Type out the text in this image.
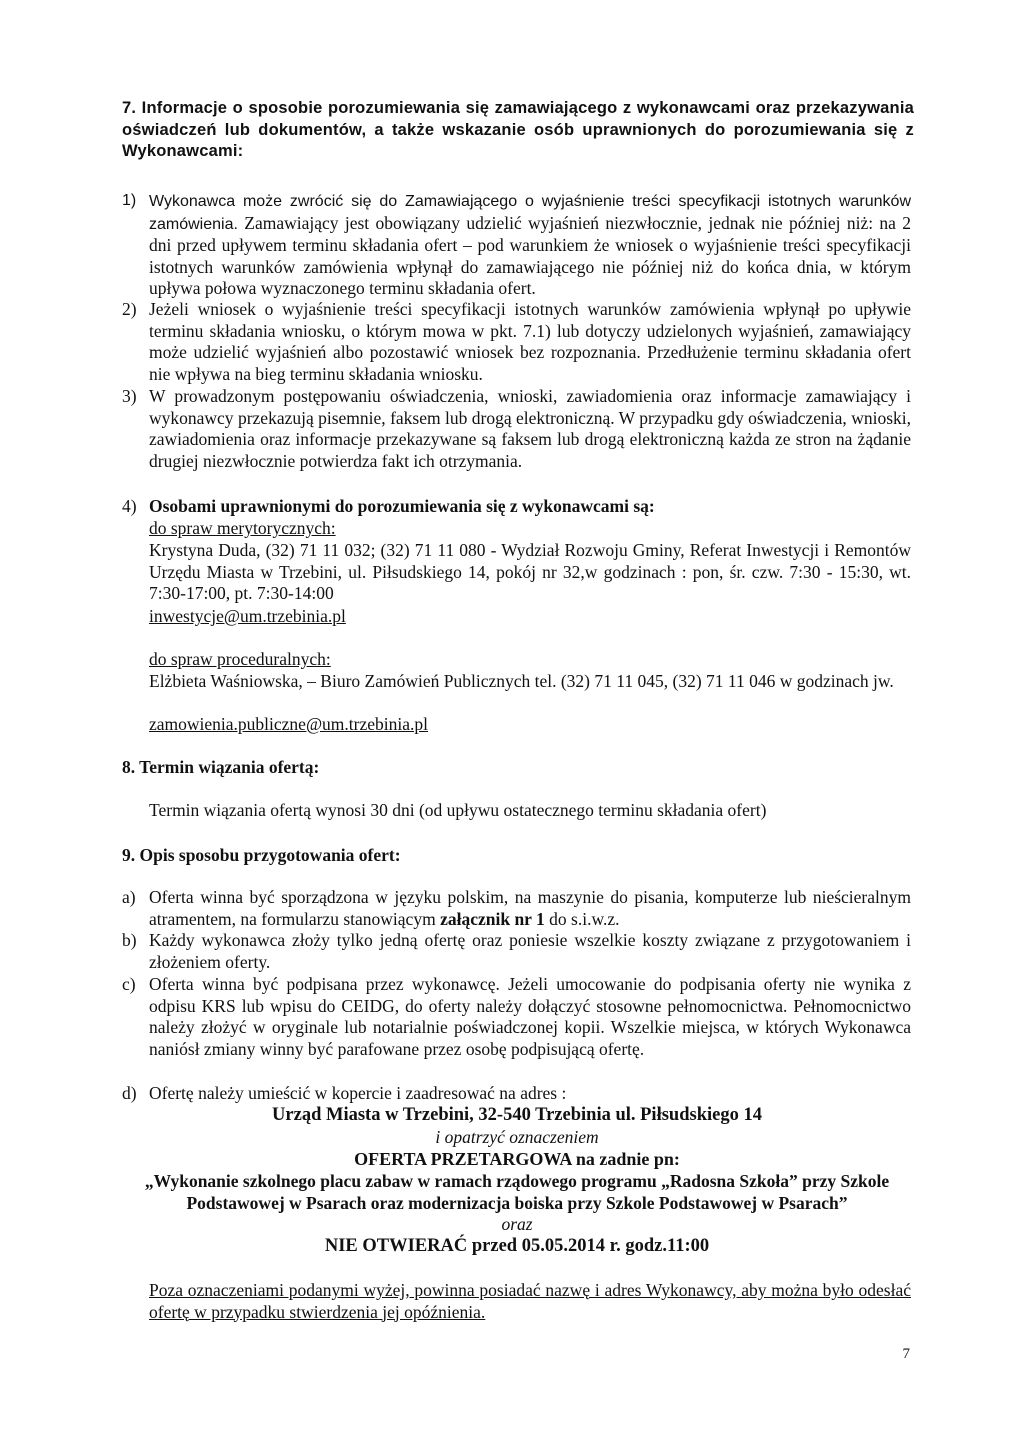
7. Informacje o sposobie porozumiewania się zamawiającego z wykonawcami oraz przekazywania oświadczeń lub dokumentów, a także wskazanie osób uprawnionych do porozumiewania się z Wykonawcami:

1) Wykonawca może zwrócić się do Zamawiającego o wyjaśnienie treści specyfikacji istotnych warunków zamówienia. Zamawiający jest obowiązany udzielić wyjaśnień niezwłocznie, jednak nie później niż: na 2 dni przed upływem terminu składania ofert – pod warunkiem że wniosek o wyjaśnienie treści specyfikacji istotnych warunków zamówienia wpłynął do zamawiającego nie później niż do końca dnia, w którym upływa połowa wyznaczonego terminu składania ofert.

2) Jeżeli wniosek o wyjaśnienie treści specyfikacji istotnych warunków zamówienia wpłynął po upływie terminu składania wniosku, o którym mowa w pkt. 7.1) lub dotyczy udzielonych wyjaśnień, zamawiający może udzielić wyjaśnień albo pozostawić wniosek bez rozpoznania. Przedłużenie terminu składania ofert nie wpływa na bieg terminu składania wniosku.

3) W prowadzonym postępowaniu oświadczenia, wnioski, zawiadomienia oraz informacje zamawiający i wykonawcy przekazują pisemnie, faksem lub drogą elektroniczną. W przypadku gdy oświadczenia, wnioski, zawiadomienia oraz informacje przekazywane są faksem lub drogą elektroniczną każda ze stron na żądanie drugiej niezwłocznie potwierdza fakt ich otrzymania.

4) Osobami uprawnionymi do porozumiewania się z wykonawcami są:

do spraw merytorycznych:

Krystyna Duda, (32) 71 11 032; (32) 71 11 080 - Wydział Rozwoju Gminy, Referat Inwestycji i Remontów Urzędu Miasta w Trzebini, ul. Piłsudskiego 14, pokój nr 32,w godzinach : pon, śr. czw. 7:30 - 15:30, wt. 7:30-17:00, pt. 7:30-14:00

inwestycje@um.trzebinia.pl

do spraw proceduralnych:

Elżbieta Waśniowska, – Biuro Zamówień Publicznych tel. (32) 71 11 045, (32) 71 11 046 w godzinach jw.

zamowienia.publiczne@um.trzebinia.pl

8. Termin wiązania ofertą:

Termin wiązania ofertą wynosi 30 dni (od upływu ostatecznego terminu składania ofert)

9. Opis sposobu przygotowania ofert:

a) Oferta winna być sporządzona w języku polskim, na maszynie do pisania, komputerze lub nieścieralnym atramentem, na formularzu stanowiącym załącznik nr 1 do s.i.w.z.

b) Każdy wykonawca złoży tylko jedną ofertę oraz poniesie wszelkie koszty związane z przygotowaniem i złożeniem oferty.

c) Oferta winna być podpisana przez wykonawcę. Jeżeli umocowanie do podpisania oferty nie wynika z odpisu KRS lub wpisu do CEIDG, do oferty należy dołączyć stosowne pełnomocnictwa. Pełnomocnictwo należy złożyć w oryginale lub notarialnie poświadczonej kopii. Wszelkie miejsca, w których Wykonawca naniósł zmiany winny być parafowane przez osobę podpisującą ofertę.

d) Ofertę należy umieścić w kopercie i zaadresować na adres :

Urząd Miasta w Trzebini, 32-540 Trzebinia ul. Piłsudskiego 14

i opatrzyć oznaczeniem

OFERTA PRZETARGOWA na zadnie pn:

„Wykonanie szkolnego placu zabaw w ramach rządowego programu „Radosna Szkoła” przy Szkole Podstawowej w Psarach oraz modernizacja boiska przy Szkole Podstawowej w Psarach”

oraz

NIE OTWIERAĆ przed 05.05.2014 r. godz.11:00

Poza oznaczeniami podanymi wyżej, powinna posiadać nazwę i adres Wykonawcy, aby można było odesłać ofertę w przypadku stwierdzenia jej opóźnienia.

7
